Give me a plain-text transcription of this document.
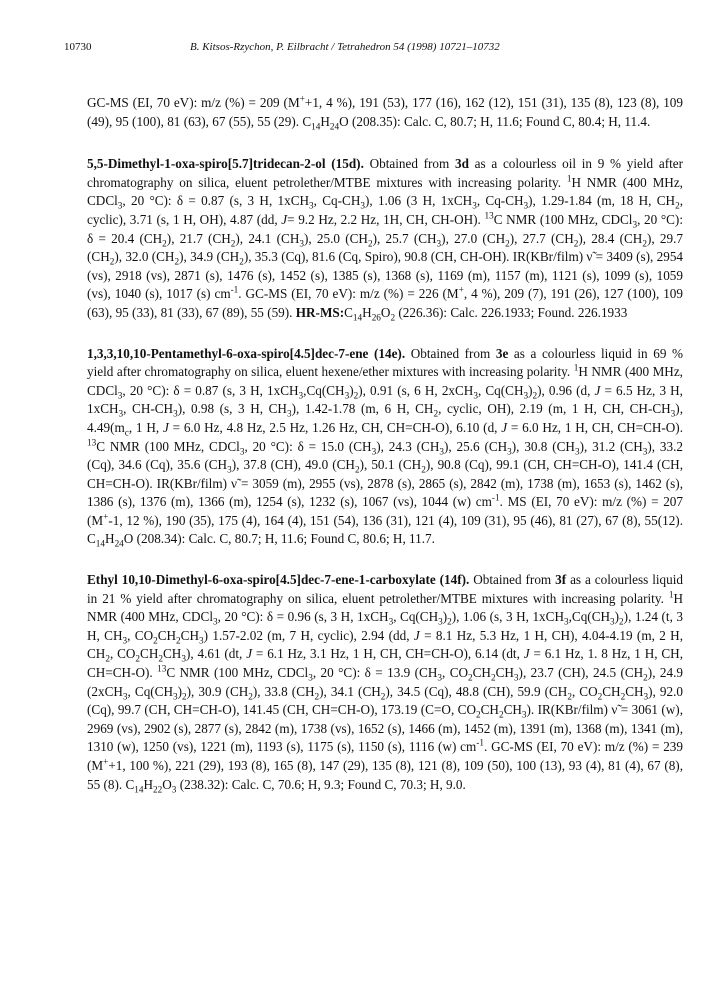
10730	B. Kitsos-Rzychon, P. Eilbracht / Tetrahedron 54 (1998) 10721–10732

GC-MS (EI, 70 eV): m/z (%) = 209 (M++1, 4 %), 191 (53), 177 (16), 162 (12), 151 (31), 135 (8), 123 (8), 109 (49), 95 (100), 81 (63), 67 (55), 55 (29). $C_{14}H_{24}O$ (208.35): Calc. C, 80.7; H, 11.6; Found C, 80.4; H, 11.4.

5,5-Dimethyl-1-oxa-spiro[5.7]tridecan-2-ol (15d). Obtained from 3d as a colourless oil in 9 % yield after chromatography on silica, eluent petrolether/MTBE mixtures with increasing polarity. $^1$H NMR (400 MHz, CDCl$_3$, 20 °C): δ = 0.87 (s, 3 H, 1xCH$_3$, $Cq-CH_3$), 1.06 (3 H, 1xCH$_3$, $Cq-CH_3$), 1.29-1.84 (m, 18 H, $CH_2$, cyclic), 3.71 (s, 1 H, OH), 4.87 (dd, J= 9.2 Hz, 2.2 Hz, 1H, CH, CH-OH). $^{13}$C NMR (100 MHz, CDCl$_3$, 20 °C): δ = 20.4 $(CH_2)$, 21.7 $(CH_2)$, 24.1 $(CH_3)$, 25.0 $(CH_2)$, 25.7 $(CH_3)$, 27.0 $(CH_2)$, 27.7 $(CH_2)$, 28.4 $(CH_2)$, 29.7 $(CH_2)$, 32.0 $(CH_2)$, 34.9 $(CH_2)$, 35.3 (Cq), 81.6 (Cq, Spiro), 90.8 (CH, CH-OH). IR(KBr/film) ν̃ = 3409 (s), 2954 (vs), 2918 (vs), 2871 (s), 1476 (s), 1452 (s), 1385 (s), 1368 (s), 1169 (m), 1157 (m), 1121 (s), 1099 (s), 1059 (vs), 1040 (s), 1017 (s) $cm^{-1}$. GC-MS (EI, 70 eV): m/z (%) = 226 (M+, 4 %), 209 (7), 191 (26), 127 (100), 109 (63), 95 (33), 81 (33), 67 (89), 55 (59). $HR-MS:C_{14}H_{26}O_2$ (226.36): Calc. 226.1933; Found. 226.1933

1,3,3,10,10-Pentamethyl-6-oxa-spiro[4.5]dec-7-ene (14e). Obtained from 3e as a colourless liquid in 69 % yield after chromatography on silica, eluent hexene/ether mixtures with increasing polarity. $^1$H NMR (400 MHz, CDCl$_3$, 20 °C): δ = 0.87 (s, 3 H, $1xCH_3,Cq(CH_3)_2$), 0.91 (s, 6 H, 2xCH$_3$, $Cq(CH_3)_2$), 0.96 (d, J = 6.5 Hz, 3 H, 1xCH$_3$, $CH-CH_3$), 0.98 (s, 3 H, $CH_3$), 1.42-1.78 (m, 6 H, $CH_2$, cyclic, OH), 2.19 (m, 1 H, CH, $CH-CH_3$), $4.49(m_c$, 1 H, J = 6.0 Hz, 4.8 Hz, 2.5 Hz, 1.26 Hz, CH, CH=CH-O), 6.10 (d, J = 6.0 Hz, 1 H, CH, CH=CH-O). $^{13}$C NMR (100 MHz, CDCl$_3$, 20 °C): δ = 15.0 $(CH_3)$, 24.3 $(CH_3)$, 25.6 $(CH_3)$, 30.8 $(CH_3)$, 31.2 $(CH_3)$, 33.2 (Cq), 34.6 (Cq), 35.6 $(CH_3)$, 37.8 (CH), 49.0 $(CH_2)$, 50.1 $(CH_2)$, 90.8 (Cq), 99.1 (CH, CH=CH-O), 141.4 (CH, CH=CH-O). IR(KBr/film) ν̃ = 3059 (m), 2955 (vs), 2878 (s), 2865 (s), 2842 (m), 1738 (m), 1653 (s), 1462 (s), 1386 (s), 1376 (m), 1366 (m), 1254 (s), 1232 (s), 1067 (vs), 1044 (w) $cm^{-1}$. MS (EI, 70 eV): m/z (%) = 207 (M+-1, 12 %), 190 (35), 175 (4), 164 (4), 151 (54), 136 (31), 121 (4), 109 (31), 95 (46), 81 (27), 67 (8), 55(12). $C_{14}H_{24}O$ (208.34): Calc. C, 80.7; H, 11.6; Found C, 80.6; H, 11.7.

Ethyl 10,10-Dimethyl-6-oxa-spiro[4.5]dec-7-ene-1-carboxylate (14f). Obtained from 3f as a colourless liquid in 21 % yield after chromatography on silica, eluent petrolether/MTBE mixtures with increasing polarity. $^1$H NMR (400 MHz, CDCl$_3$, 20 °C): δ = 0.96 (s, 3 H, 1xCH$_3$, $Cq(CH_3)_2$), 1.06 (s, 3 H, $1xCH_3,Cq(CH_3)_2$), 1.24 (t, 3 H, $CH_3$, $CO_2CH_2CH_3$) 1.57-2.02 (m, 7 H, cyclic), 2.94 (dd, J = 8.1 Hz, 5.3 Hz, 1 H, CH), 4.04-4.19 (m, 2 H, $CH_2$, $CO_2CH_2CH_3$), 4.61 (dt, J = 6.1 Hz, 3.1 Hz, 1 H, CH, CH=CH-O), 6.14 (dt, J = 6.1 Hz, 1. 8 Hz, 1 H, CH, CH=CH-O). $^{13}$C NMR (100 MHz, CDCl$_3$, 20 °C): δ = 13.9 ($CH_3$, $CO_2CH_2CH_3$), 23.7 (CH), 24.5 $(CH_2)$, 24.9 (2xCH$_3$, $Cq(CH_3)_2$), 30.9 $(CH_2)$, 33.8 $(CH_2)$, 34.1 $(CH_2)$, 34.5 (Cq), 48.8 (CH), 59.9 ($CH_2$, $CO_2CH_2CH_3$), 92.0 (Cq), 99.7 (CH, CH=CH-O), 141.45 (CH, CH=CH-O), 173.19 (C=O, $CO_2CH_2CH_3$). IR(KBr/film) ν̃ = 3061 (w), 2969 (vs), 2902 (s), 2877 (s), 2842 (m), 1738 (vs), 1652 (s), 1466 (m), 1452 (m), 1391 (m), 1368 (m), 1341 (m), 1310 (w), 1250 (vs), 1221 (m), 1193 (s), 1175 (s), 1150 (s), 1116 (w) $cm^{-1}$. GC-MS (EI, 70 eV): m/z (%) = 239 (M++1, 100 %), 221 (29), 193 (8), 165 (8), 147 (29), 135 (8), 121 (8), 109 (50), 100 (13), 93 (4), 81 (4), 67 (8), 55 (8). $C_{14}H_{22}O_3$ (238.32): Calc. C, 70.6; H, 9.3; Found C, 70.3; H, 9.0.
